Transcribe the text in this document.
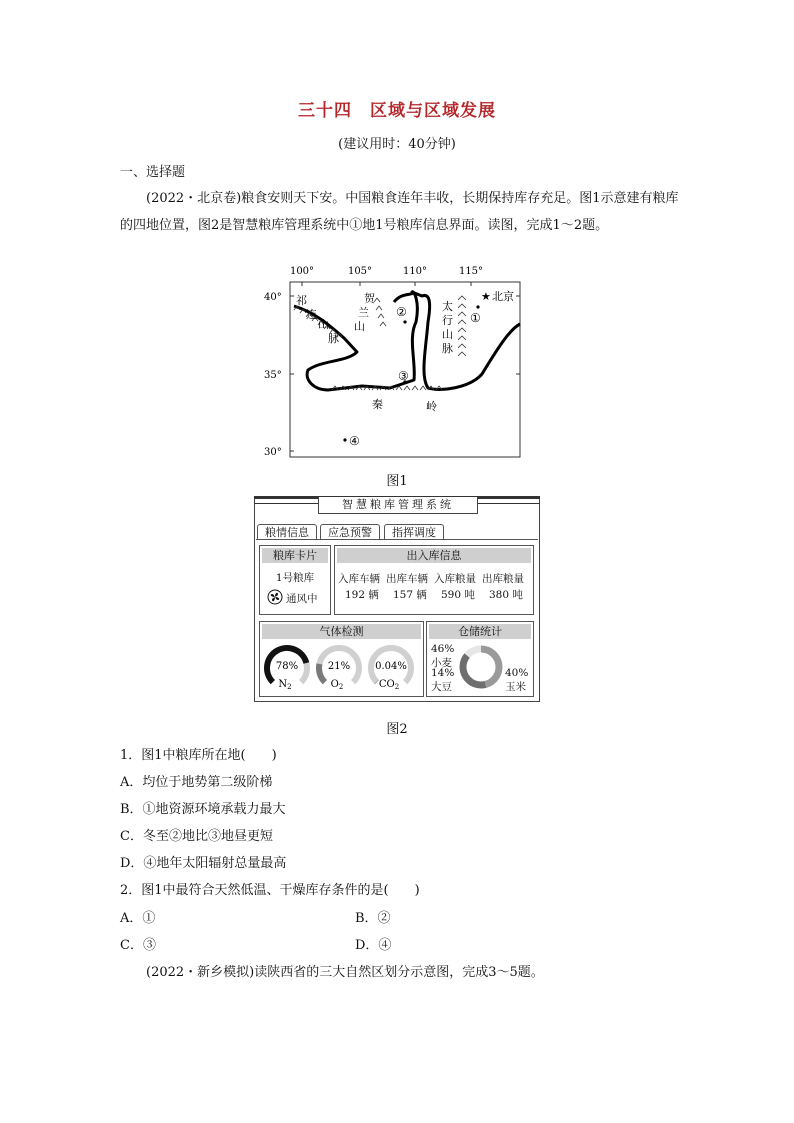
三十四　区域与区域发展
(建议用时：40分钟)
一、选择题

(2022・北京卷)粮食安则天下安。中国粮食连年丰收，长期保持库存充足。图1示意建有粮库的四地位置，图2是智慧粮库管理系统中①地1号粮库信息界面。读图，完成1～2题。

100°	105°	110°	115°
40°
35°
30°
祁
连
山
脉
贺
兰
山
太
行
山
脉
秦	岭
★ 北京
①
②
③
④
图1
智慧粮库管理系统
粮情信息	应急预警	指挥调度
粮库卡片
1号粮库
通风中
出入库信息
入库车辆 出库车辆 入库粮量 出库粮量
192 辆 157 辆 590 吨 380 吨
气体检测
78%
$N_2$
21%
$O_2$
0.04%
$CO_2$
仓储统计
46%
小麦
14%
大豆
40%
玉米
图2
1．图1中粮库所在地(　　)
A．均位于地势第二级阶梯
B．①地资源环境承载力最大
C．冬至②地比③地昼更短
D．④地年太阳辐射总量最高
2．图1中最符合天然低温、干燥库存条件的是(　　)
A．①	B．②
C．③	D．④
(2022・新乡模拟)读陕西省的三大自然区划分示意图，完成3～5题。
